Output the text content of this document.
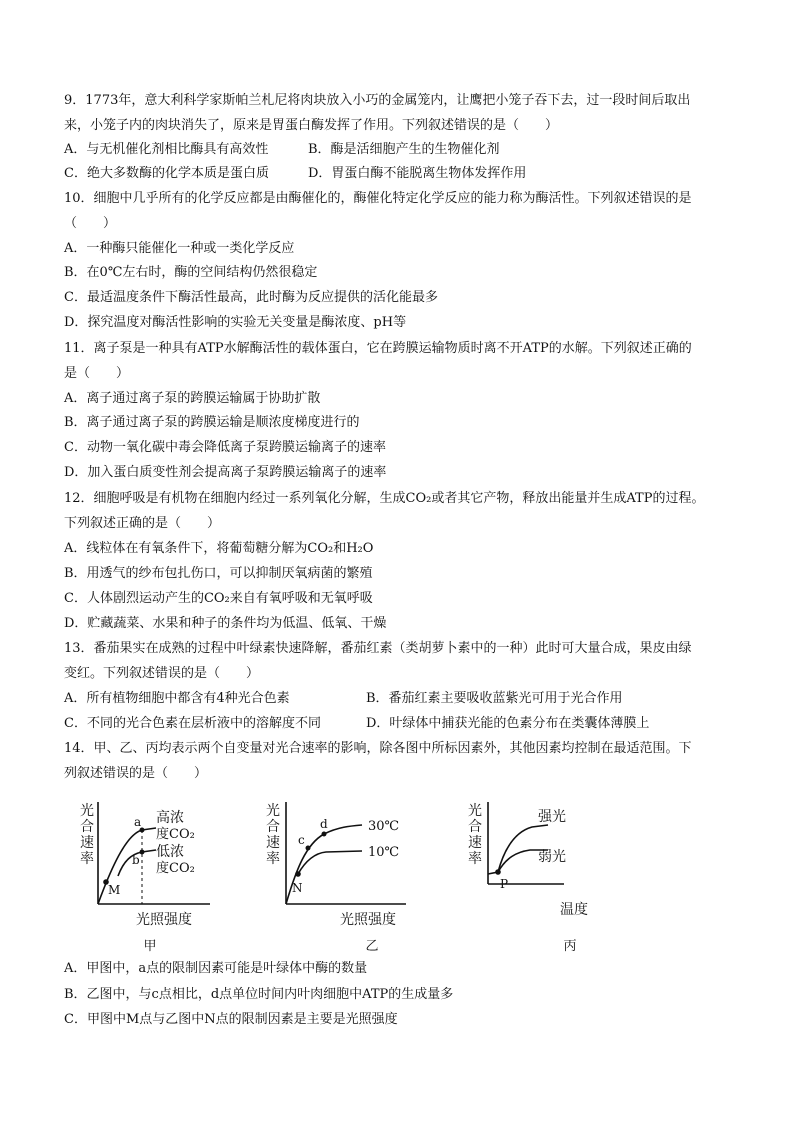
9．1773年，意大利科学家斯帕兰札尼将肉块放入小巧的金属笼内，让鹰把小笼子吞下去，过一段时间后取出
来，小笼子内的肉块消失了，原来是胃蛋白酶发挥了作用。下列叙述错误的是（　　）
A．与无机催化剂相比酶具有高效性	B．酶是活细胞产生的生物催化剂
C．绝大多数酶的化学本质是蛋白质	D．胃蛋白酶不能脱离生物体发挥作用
10．细胞中几乎所有的化学反应都是由酶催化的，酶催化特定化学反应的能力称为酶活性。下列叙述错误的是
（　　）
A．一种酶只能催化一种或一类化学反应
B．在0℃左右时，酶的空间结构仍然很稳定
C．最适温度条件下酶活性最高，此时酶为反应提供的活化能最多
D．探究温度对酶活性影响的实验无关变量是酶浓度、pH等
11．离子泵是一种具有ATP水解酶活性的载体蛋白，它在跨膜运输物质时离不开ATP的水解。下列叙述正确的
是（　　）
A．离子通过离子泵的跨膜运输属于协助扩散
B．离子通过离子泵的跨膜运输是顺浓度梯度进行的
C．动物一氧化碳中毒会降低离子泵跨膜运输离子的速率
D．加入蛋白质变性剂会提高离子泵跨膜运输离子的速率
12．细胞呼吸是有机物在细胞内经过一系列氧化分解，生成CO₂或者其它产物，释放出能量并生成ATP的过程。
下列叙述正确的是（　　）
A．线粒体在有氧条件下，将葡萄糖分解为CO₂和H₂O
B．用透气的纱布包扎伤口，可以抑制厌氧病菌的繁殖
C．人体剧烈运动产生的CO₂来自有氧呼吸和无氧呼吸
D．贮藏蔬菜、水果和种子的条件均为低温、低氧、干燥
13．番茄果实在成熟的过程中叶绿素快速降解，番茄红素（类胡萝卜素中的一种）此时可大量合成，果皮由绿
变红。下列叙述错误的是（　　）
A．所有植物细胞中都含有4种光合色素	B．番茄红素主要吸收蓝紫光可用于光合作用
C．不同的光合色素在层析液中的溶解度不同	D．叶绿体中捕获光能的色素分布在类囊体薄膜上
14．甲、乙、丙均表示两个自变量对光合速率的影响，除各图中所标因素外，其他因素均控制在最适范围。下
列叙述错误的是（　　）
光
合
速
率
M
a
b
高浓
度CO₂
低浓
度CO₂
光照强度
甲
光
合
速
率
N
c
d	30℃
10℃
光照强度
乙
光
合
速
率
P
强光
弱光
温度
丙
A．甲图中，a点的限制因素可能是叶绿体中酶的数量
B．乙图中，与c点相比，d点单位时间内叶肉细胞中ATP的生成量多
C．甲图中M点与乙图中N点的限制因素是主要是光照强度
